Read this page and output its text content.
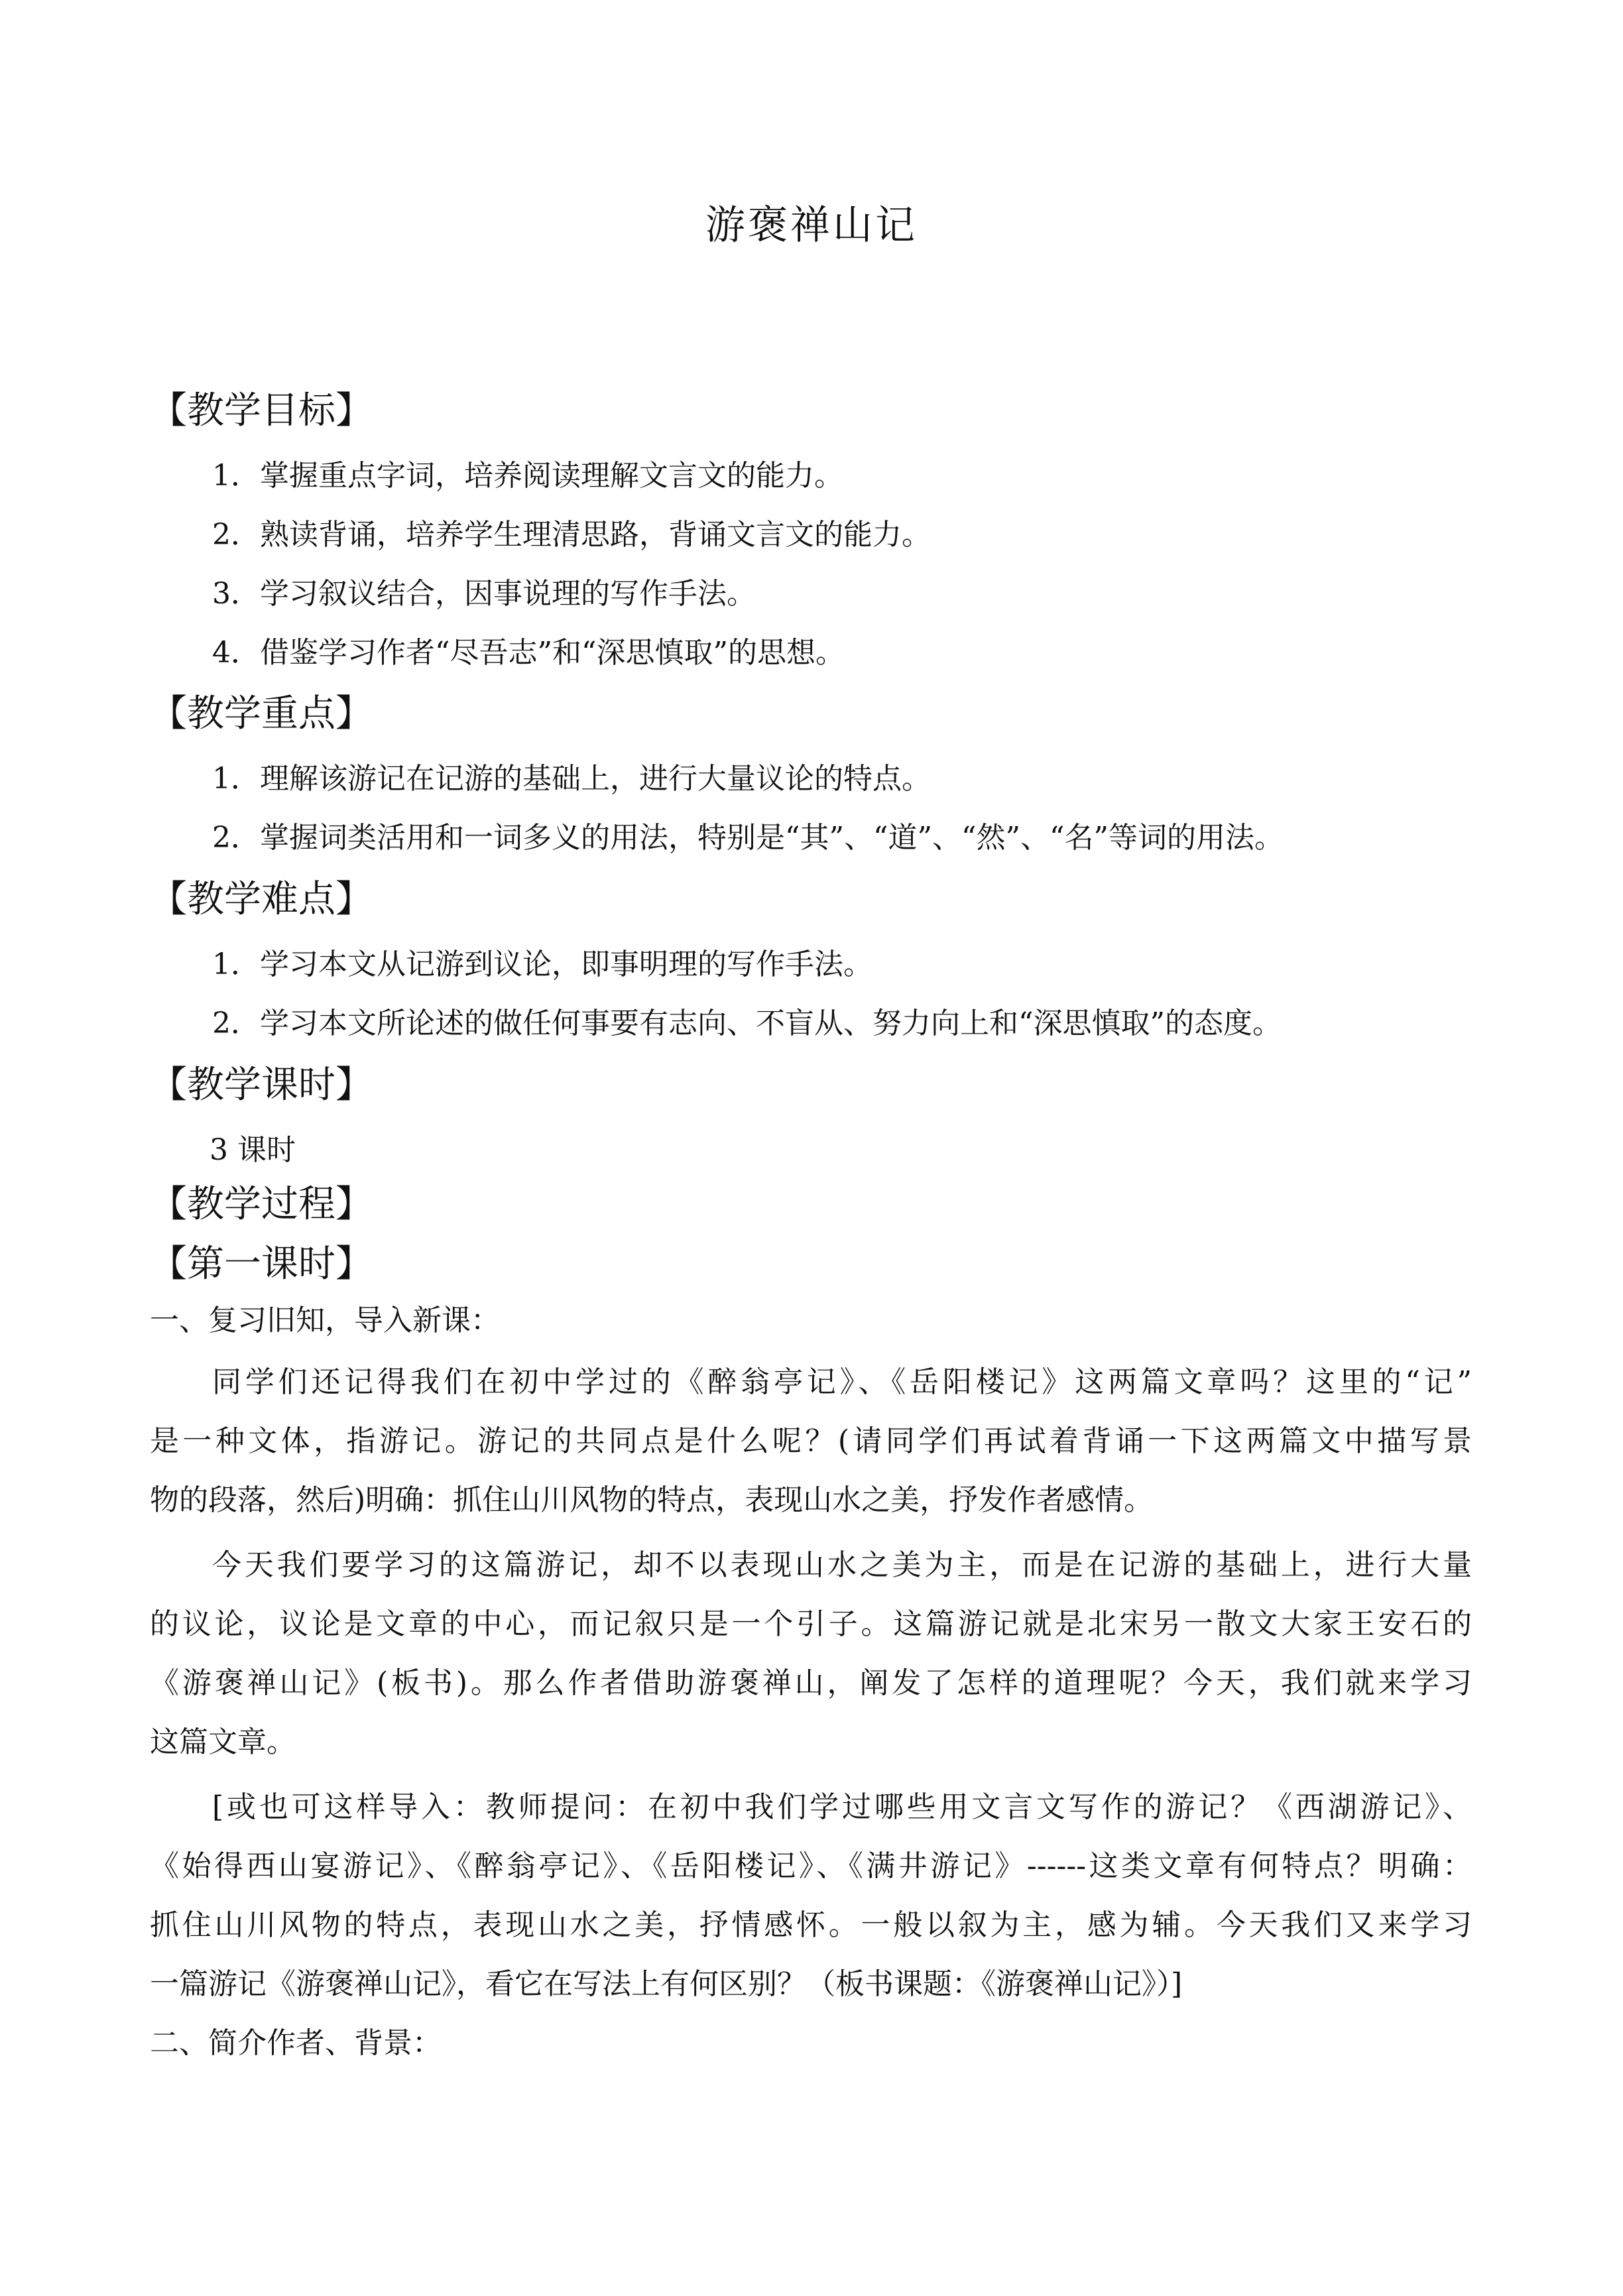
游褒禅山记
【教学目标】
1．掌握重点字词，培养阅读理解文言文的能力。
2．熟读背诵，培养学生理清思路，背诵文言文的能力。
3．学习叙议结合，因事说理的写作手法。
4．借鉴学习作者“尽吾志”和“深思慎取”的思想。
【教学重点】
1．理解该游记在记游的基础上，进行大量议论的特点。
2．掌握词类活用和一词多义的用法，特别是“其”、“道”、“然”、“名”等词的用法。
【教学难点】
1．学习本文从记游到议论，即事明理的写作手法。
2．学习本文所论述的做任何事要有志向、不盲从、努力向上和“深思慎取”的态度。
【教学课时】
3 课时
【教学过程】
【第一课时】
一、复习旧知，导入新课：
同学们还记得我们在初中学过的《醉翁亭记》、《岳阳楼记》这两篇文章吗？这里的“记”
是一种文体，指游记。游记的共同点是什么呢？(请同学们再试着背诵一下这两篇文中描写景
物的段落，然后)明确：抓住山川风物的特点，表现山水之美，抒发作者感情。
今天我们要学习的这篇游记，却不以表现山水之美为主，而是在记游的基础上，进行大量
的议论，议论是文章的中心，而记叙只是一个引子。这篇游记就是北宋另一散文大家王安石的
《游褒禅山记》(板书)。那么作者借助游褒禅山，阐发了怎样的道理呢？今天，我们就来学习
这篇文章。
[或也可这样导入：教师提问：在初中我们学过哪些用文言文写作的游记？《西湖游记》、
《始得西山宴游记》、《醉翁亭记》、《岳阳楼记》、《满井游记》------这类文章有何特点？明确：
抓住山川风物的特点，表现山水之美，抒情感怀。一般以叙为主，感为辅。今天我们又来学习
一篇游记《游褒禅山记》，看它在写法上有何区别？（板书课题：《游褒禅山记》）]
二、简介作者、背景：
